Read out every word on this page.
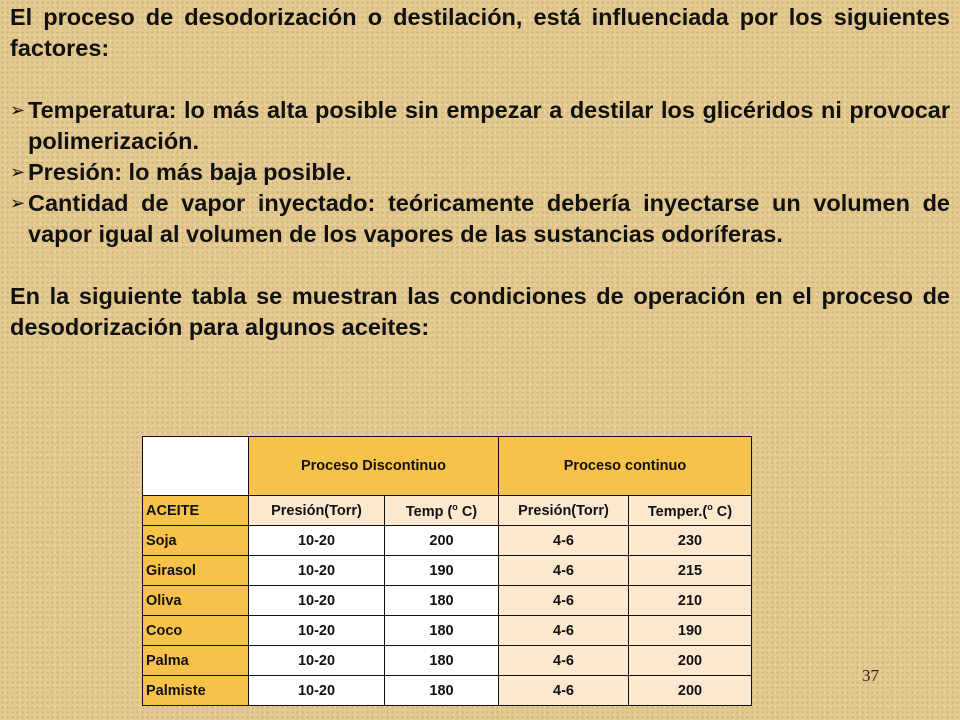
El proceso de desodorización o destilación, está influenciada por los siguientes factores:

➢ Temperatura: lo más alta posible sin empezar a destilar los glicéridos ni provocar polimerización.
➢ Presión: lo más baja posible.
➢ Cantidad de vapor inyectado: teóricamente debería inyectarse un volumen de vapor igual al volumen de los vapores de las sustancias odoríferas.

En la siguiente tabla se muestran las condiciones de operación en el proceso de desodorización para algunos aceites:

	Proceso Discontinuo		Proceso continuo	
ACEITE	Presión(Torr)	Temp ($^o$ C)	Presión(Torr)	Temper.($^o$ C)
Soja	10-20	200	4-6	230
Girasol	10-20	190	4-6	215
Oliva	10-20	180	4-6	210
Coco	10-20	180	4-6	190
Palma	10-20	180	4-6	200
Palmiste	10-20	180	4-6	200
37
